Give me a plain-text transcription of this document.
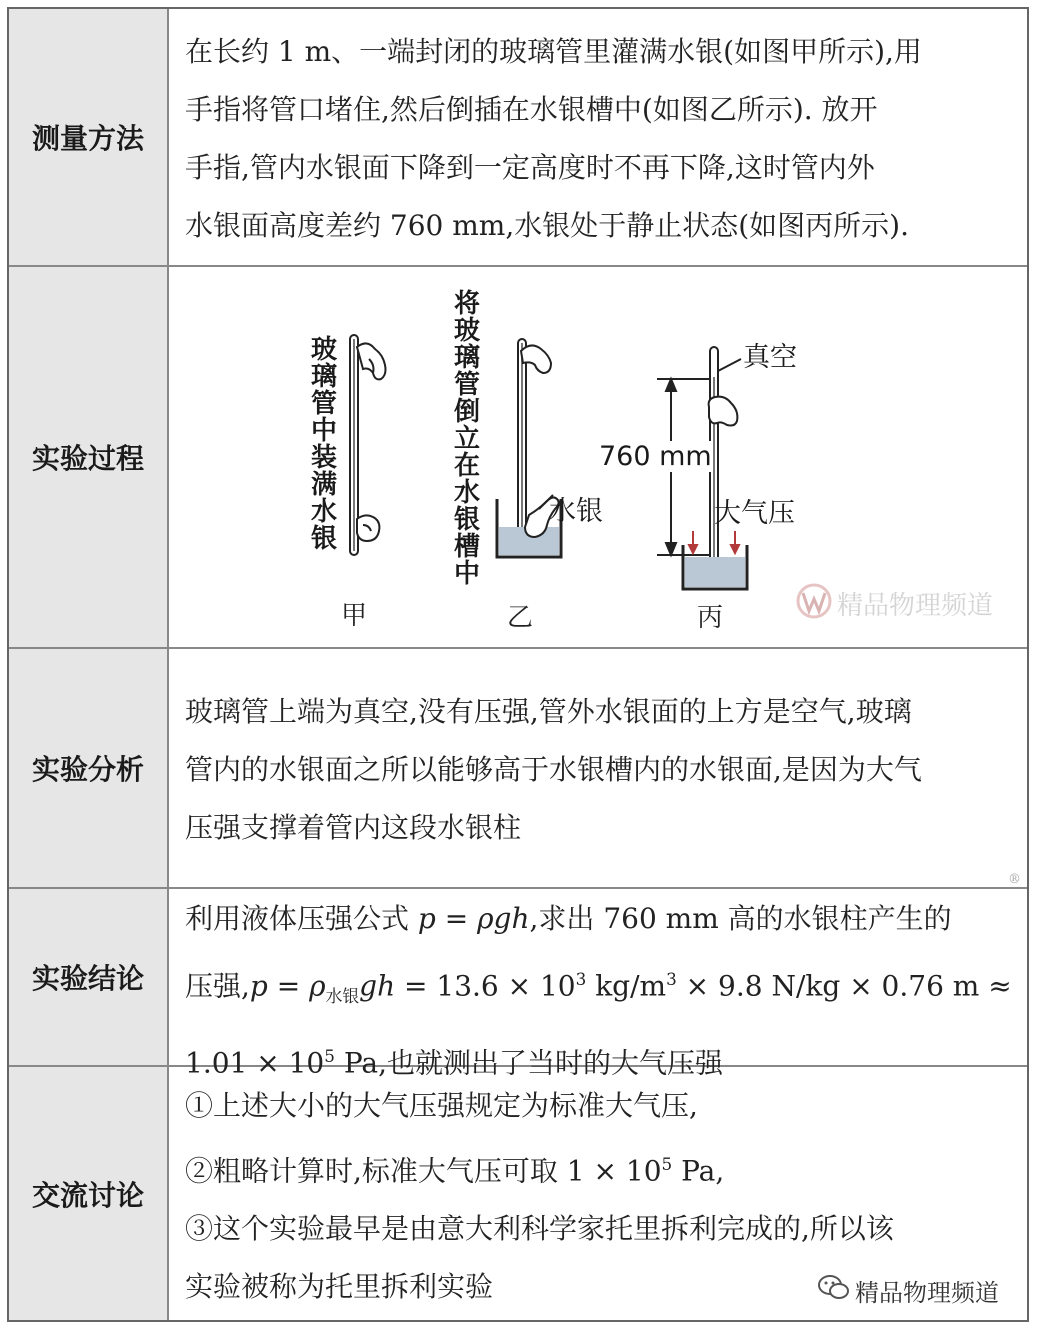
测量方法
在长约 1 m、一端封闭的玻璃管里灌满水银(如图甲所示),用
手指将管口堵住,然后倒插在水银槽中(如图乙所示). 放开
手指,管内水银面下降到一定高度时不再下降,这时管内外
水银面高度差约 760 mm,水银处于静止状态(如图丙所示).
实验过程
玻璃管中装满水银
甲
将玻璃管倒立在水银槽中
水银
乙
真空
760 mm
大气压
丙	精品物理频道
实验分析
玻璃管上端为真空,没有压强,管外水银面的上方是空气,玻璃
管内的水银面之所以能够高于水银槽内的水银面,是因为大气
压强支撑着管内这段水银柱
®
实验结论
利用液体压强公式 p = ρgh,求出 760 mm 高的水银柱产生的
压强$,p = \rho_{水银}gh = 13.6 \times 10^3$ $kg/m^3 \times 9.8$ N/kg × 0.76 m ≈
$1.01 \times 10^5$ Pa,也就测出了当时的大气压强
交流讨论
①上述大小的大气压强规定为标准大气压,
②粗略计算时,标准大气压可取 $1 \times 10^5$ Pa,
③这个实验最早是由意大利科学家托里拆利完成的,所以该
实验被称为托里拆利实验	精品物理频道
